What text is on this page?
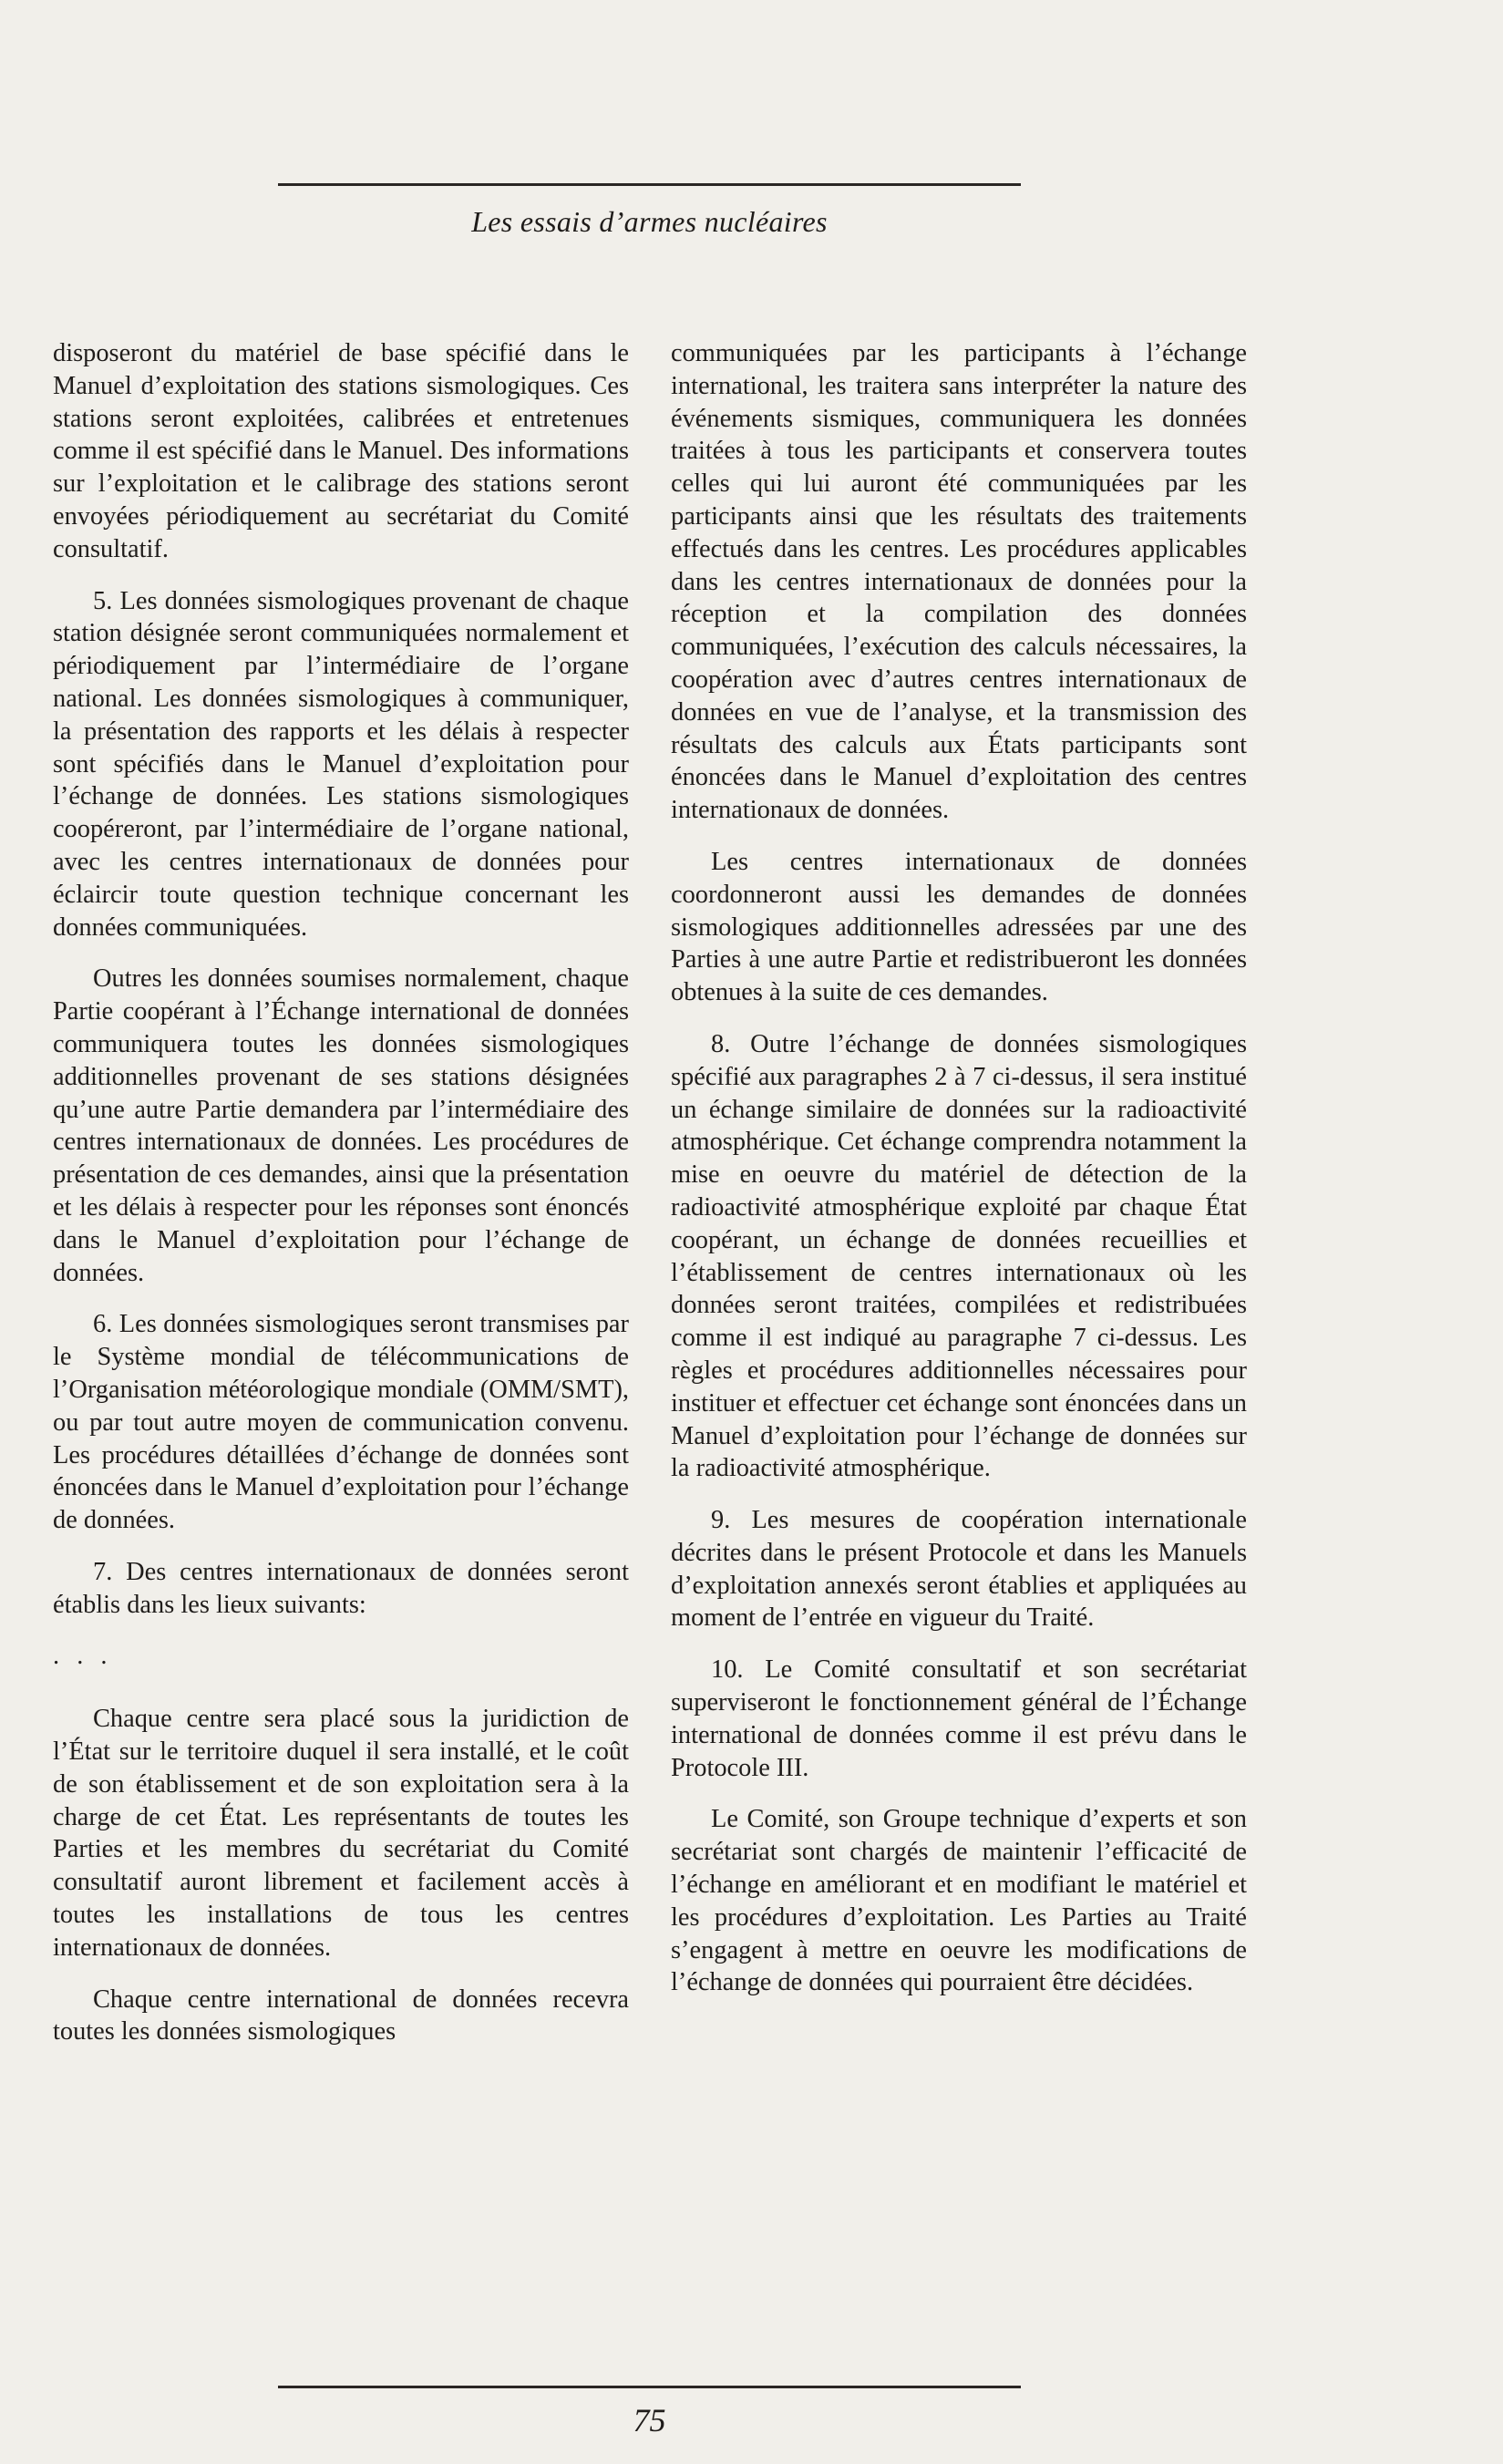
Les essais d’armes nucléaires

disposeront du matériel de base spécifié dans le Manuel d’exploitation des stations sismologiques. Ces stations seront exploitées, calibrées et entretenues comme il est spécifié dans le Manuel. Des informations sur l’exploitation et le calibrage des stations seront envoyées périodiquement au secrétariat du Comité consultatif.

5. Les données sismologiques provenant de chaque station désignée seront communiquées normalement et périodiquement par l’intermédiaire de l’organe national. Les données sismologiques à communiquer, la présentation des rapports et les délais à respecter sont spécifiés dans le Manuel d’exploitation pour l’échange de données. Les stations sismologiques coopéreront, par l’intermédiaire de l’organe national, avec les centres internationaux de données pour éclaircir toute question technique concernant les données communiquées.

Outres les données soumises normalement, chaque Partie coopérant à l’Échange international de données communiquera toutes les données sismologiques additionnelles provenant de ses stations désignées qu’une autre Partie demandera par l’intermédiaire des centres internationaux de données. Les procédures de présentation de ces demandes, ainsi que la présentation et les délais à respecter pour les réponses sont énoncés dans le Manuel d’exploitation pour l’échange de données.

6. Les données sismologiques seront transmises par le Système mondial de télécommunications de l’Organisation météorologique mondiale (OMM/SMT), ou par tout autre moyen de communication convenu. Les procédures détaillées d’échange de données sont énoncées dans le Manuel d’exploitation pour l’échange de données.

7. Des centres internationaux de données seront établis dans les lieux suivants:

. . .

Chaque centre sera placé sous la juridiction de l’État sur le territoire duquel il sera installé, et le coût de son établissement et de son exploitation sera à la charge de cet État. Les représentants de toutes les Parties et les membres du secrétariat du Comité consultatif auront librement et facilement accès à toutes les installations de tous les centres internationaux de données.

Chaque centre international de données recevra toutes les données sismologiques

communiquées par les participants à l’échange international, les traitera sans interpréter la nature des événements sismiques, communiquera les données traitées à tous les participants et conservera toutes celles qui lui auront été communiquées par les participants ainsi que les résultats des traitements effectués dans les centres. Les procédures applicables dans les centres internationaux de données pour la réception et la compilation des données communiquées, l’exécution des calculs nécessaires, la coopération avec d’autres centres internationaux de données en vue de l’analyse, et la transmission des résultats des calculs aux États participants sont énoncées dans le Manuel d’exploitation des centres internationaux de données.

Les centres internationaux de données coordonneront aussi les demandes de données sismologiques additionnelles adressées par une des Parties à une autre Partie et redistribueront les données obtenues à la suite de ces demandes.

8. Outre l’échange de données sismologiques spécifié aux paragraphes 2 à 7 ci-dessus, il sera institué un échange similaire de données sur la radioactivité atmosphérique. Cet échange comprendra notamment la mise en oeuvre du matériel de détection de la radioactivité atmosphérique exploité par chaque État coopérant, un échange de données recueillies et l’établissement de centres internationaux où les données seront traitées, compilées et redistribuées comme il est indiqué au paragraphe 7 ci-dessus. Les règles et procédures additionnelles nécessaires pour instituer et effectuer cet échange sont énoncées dans un Manuel d’exploitation pour l’échange de données sur la radioactivité atmosphérique.

9. Les mesures de coopération internationale décrites dans le présent Protocole et dans les Manuels d’exploitation annexés seront établies et appliquées au moment de l’entrée en vigueur du Traité.

10. Le Comité consultatif et son secrétariat superviseront le fonctionnement général de l’Échange international de données comme il est prévu dans le Protocole III.

Le Comité, son Groupe technique d’experts et son secrétariat sont chargés de maintenir l’efficacité de l’échange en améliorant et en modifiant le matériel et les procédures d’exploitation. Les Parties au Traité s’engagent à mettre en oeuvre les modifications de l’échange de données qui pourraient être décidées.

75
